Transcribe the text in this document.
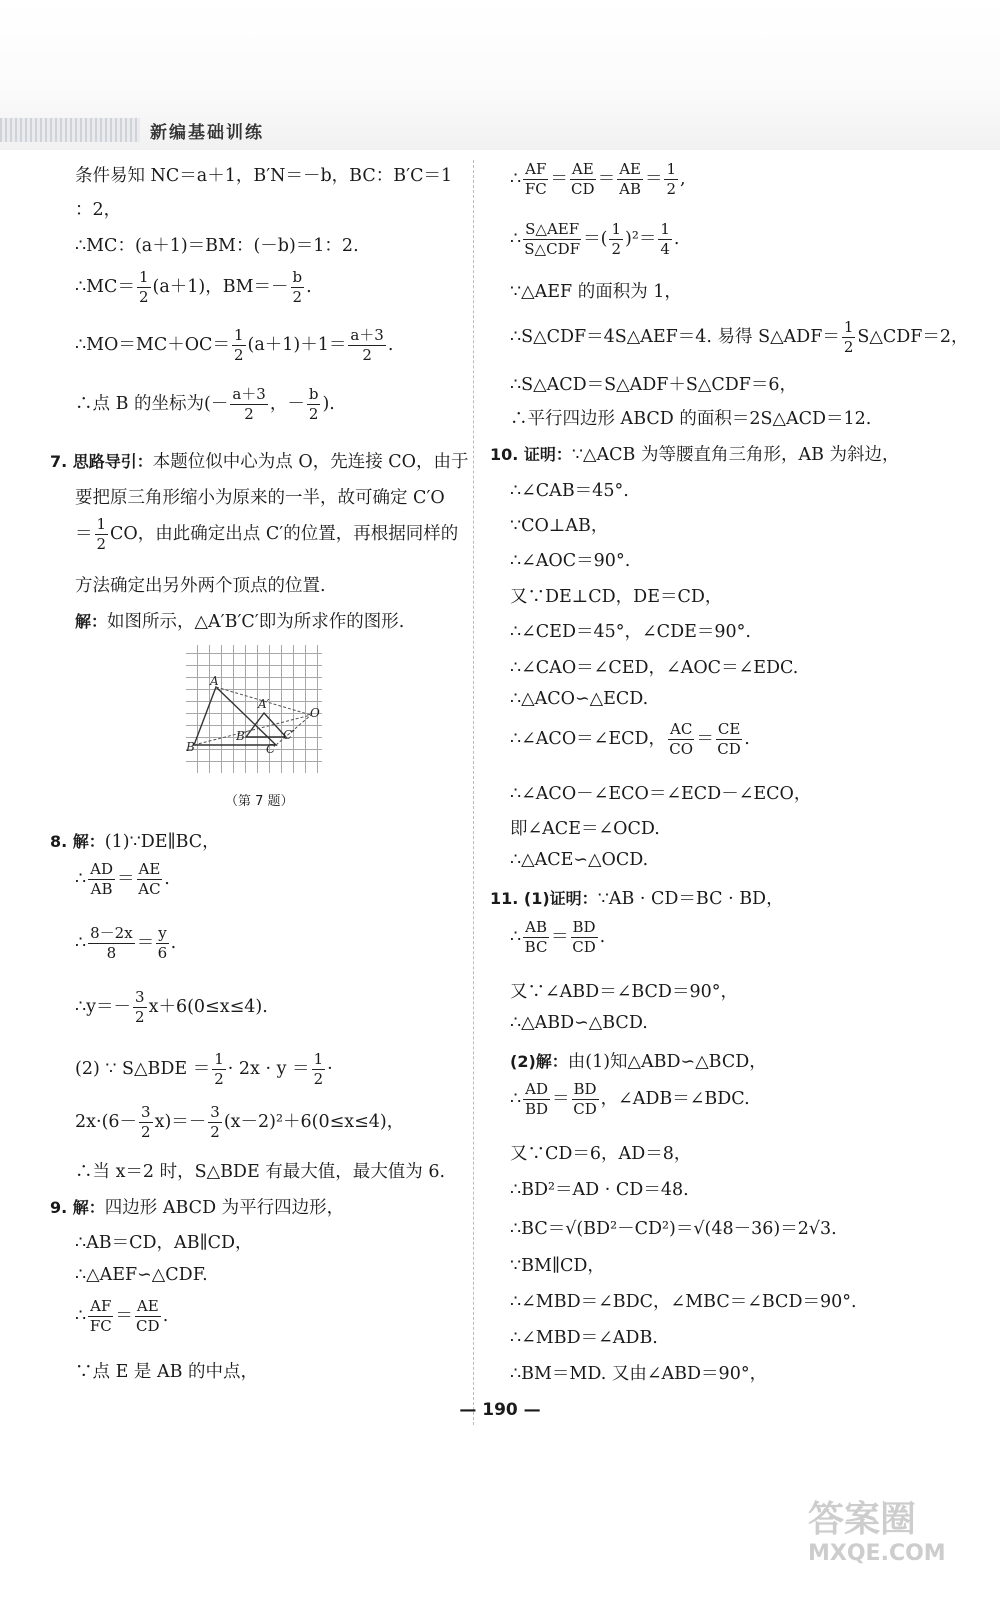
新编基础训练
条件易知 NC＝a＋1，B′N＝－b，BC：B′C＝1
：2，
∴MC：(a＋1)＝BM：(－b)＝1：2.
∴MC＝ $\frac{1}{2} (a+1)$，$BM=- \frac{b}{2}$ .
∴MO＝MC＋OC＝ $\frac{1}{2} (a+1)+1= \frac{a+3}{2}$ .
∴点 B 的坐标为(－ $\frac{a+3}{2}$ ，－ $\frac{b}{2}$ ).
7. 思路导引：本题位似中心为点 O，先连接 CO，由于
要把原三角形缩小为原来的一半，故可确定 C′O
＝ $\frac{1}{2}$ CO，由此确定出点 C′的位置，再根据同样的
方法确定出另外两个顶点的位置.
解：如图所示，△A′B′C′即为所求作的图形.
8. 解：(1)∵DE∥BC，
∴ $\frac{AD}{AB} = \frac{AE}{AC}$ .
∴ $\frac{8-2x}{8} = \frac{y}{6}$ .
∴y＝－ $\frac{3}{2} x+6(0\le x\le 4)$.
(2) ∵ S△BDE ＝ $\frac{1}{2} \cdot 2x \cdot y = \frac{1}{2}$ ·
$2x\cdot(6- \frac{3}{2} x)=- \frac{3}{2} (x-2)^2+6(0\le x\le 4)$，
∴当 x＝2 时，S△BDE 有最大值，最大值为 6.
9. 解：四边形 ABCD 为平行四边形，
∴AB＝CD，AB∥CD，
∴△AEF∽△CDF.
∴ $\frac{AF}{FC} = \frac{AE}{CD}$ .
∵点 E 是 AB 的中点，
A
A′
O
B
B′	C′
C
（第 7 题）
∴ $\frac{AF}{FC} = \frac{AE}{CD} = \frac{AE}{AB} = \frac{1}{2}$ ,
∴ $\frac{\text{S△AEF}}{\text{S△CDF}}$ ＝( $\frac{1}{2} )^2= \frac{1}{4}$ .
∵△AEF 的面积为 1，
∴S△CDF＝4S△AEF＝4. 易得 S△ADF＝ $\frac{1}{2}$ S△CDF＝2，
∴S△ACD＝S△ADF＋S△CDF＝6，
∴平行四边形 ABCD 的面积＝2S△ACD＝12.
10. 证明：∵△ACB 为等腰直角三角形，AB 为斜边，
∴∠CAB＝45°.
∵CO⊥AB，
∴∠AOC＝90°.
又∵DE⊥CD，DE＝CD，
∴∠CED＝45°，∠CDE＝90°.
∴∠CAO＝∠CED，∠AOC＝∠EDC.
∴△ACO∽△ECD.
∴∠ACO＝∠ECD， $\frac{AC}{CO} = \frac{CE}{CD}$ .
∴∠ACO－∠ECO＝∠ECD－∠ECO，
即∠ACE＝∠OCD.
∴△ACE∽△OCD.
11. (1)证明：∵AB · CD＝BC · BD，
∴ $\frac{AB}{BC} = \frac{BD}{CD}$ .
又∵∠ABD＝∠BCD＝90°，
∴△ABD∽△BCD.
(2)解：由(1)知△ABD∽△BCD，
∴ $\frac{AD}{BD} = \frac{BD}{CD}$ ，∠ADB＝∠BDC.
又∵CD＝6，AD＝8，
∴BD²＝AD · CD＝48.
∴BC＝√(BD²－CD²)＝√(48－36)＝2√3.
∵BM∥CD，
∴∠MBD＝∠BDC，∠MBC＝∠BCD＝90°.
∴∠MBD＝∠ADB.
∴BM＝MD. 又由∠ABD＝90°，
— 190 —
答案圈
MXQE.COM
